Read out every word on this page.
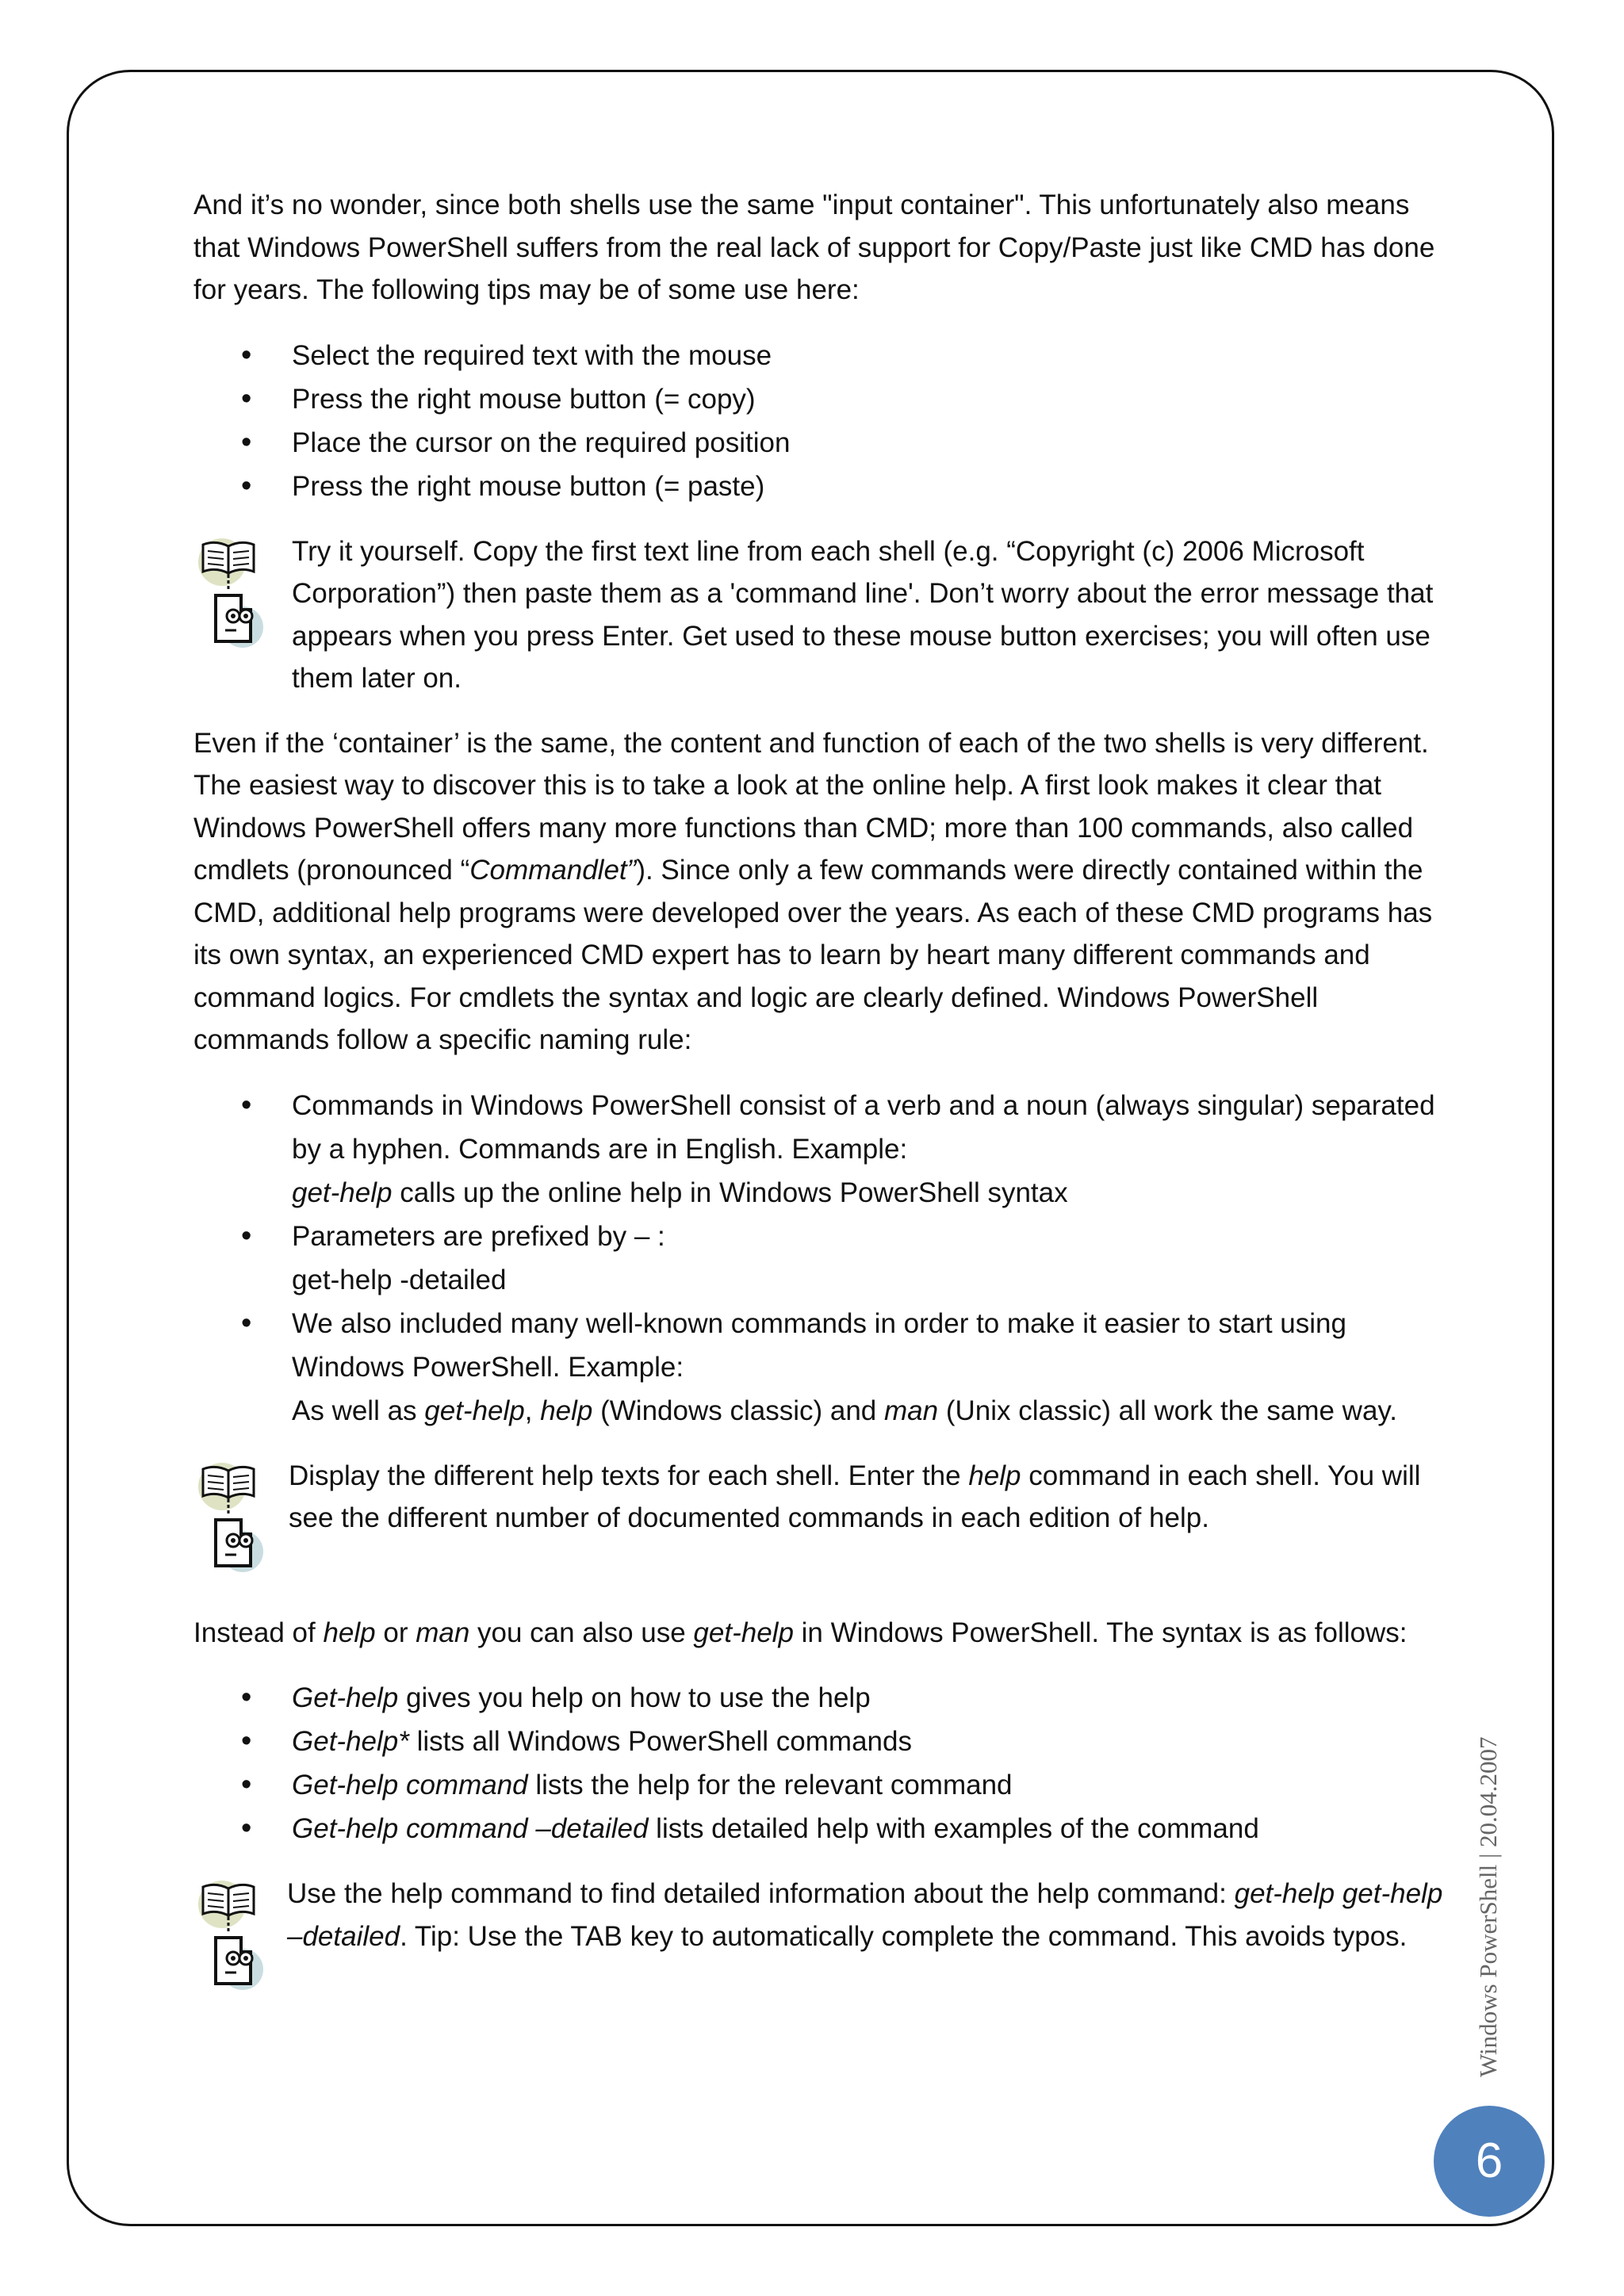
And it’s no wonder, since both shells use the same "input container". This unfortunately also means that Windows PowerShell suffers from the real lack of support for Copy/Paste just like CMD has done for years. The following tips may be of some use here:

• Select the required text with the mouse
• Press the right mouse button (= copy)
• Place the cursor on the required position
• Press the right mouse button (= paste)
Try it yourself. Copy the first text line from each shell (e.g. “Copyright (c) 2006 Microsoft Corporation”) then paste them as a 'command line'. Don’t worry about the error message that appears when you press Enter. Get used to these mouse button exercises; you will often use them later on.

Even if the ‘container’ is the same, the content and function of each of the two shells is very different. The easiest way to discover this is to take a look at the online help. A first look makes it clear that Windows PowerShell offers many more functions than CMD; more than 100 commands, also called cmdlets (pronounced “Commandlet”). Since only a few commands were directly contained within the CMD, additional help programs were developed over the years. As each of these CMD programs has its own syntax, an experienced CMD expert has to learn by heart many different commands and command logics. For cmdlets the syntax and logic are clearly defined. Windows PowerShell commands follow a specific naming rule:

• Commands in Windows PowerShell consist of a verb and a noun (always singular) separated by a hyphen. Commands are in English. Example:
get-help calls up the online help in Windows PowerShell syntax
• Parameters are prefixed by – :
get-help -detailed
• We also included many well-known commands in order to make it easier to start using Windows PowerShell. Example:
As well as get-help, help (Windows classic) and man (Unix classic) all work the same way.
Display the different help texts for each shell. Enter the help command in each shell. You will see the different number of documented commands in each edition of help.

Instead of help or man you can also use get-help in Windows PowerShell. The syntax is as follows:

• Get-help gives you help on how to use the help
• Get-help* lists all Windows PowerShell commands
• Get-help command lists the help for the relevant command
• Get-help command –detailed lists detailed help with examples of the command
Use the help command to find detailed information about the help command: get-help get-help –detailed. Tip: Use the TAB key to automatically complete the command. This avoids typos.	Windows PowerShell | 20.04.2007
6
